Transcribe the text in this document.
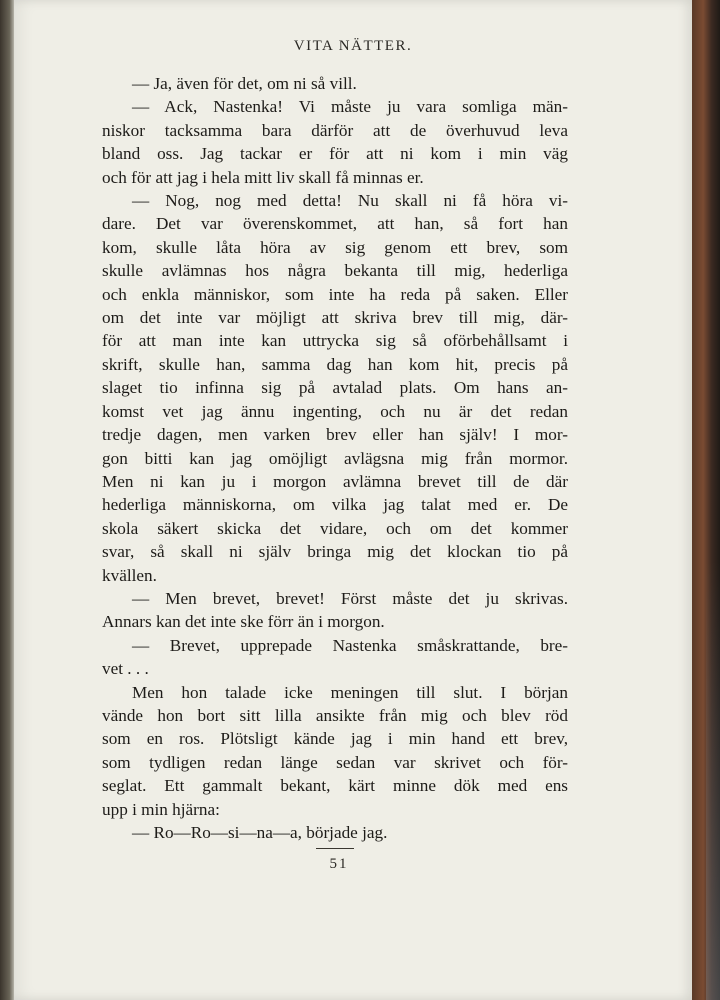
VITA NÄTTER.
— Ja, även för det, om ni så vill.
— Ack, Nastenka! Vi måste ju vara somliga män-
niskor tacksamma bara därför att de överhuvud leva
bland oss. Jag tackar er för att ni kom i min väg
och för att jag i hela mitt liv skall få minnas er.
— Nog, nog med detta! Nu skall ni få höra vi-
dare. Det var överenskommet, att han, så fort han
kom, skulle låta höra av sig genom ett brev, som
skulle avlämnas hos några bekanta till mig, hederliga
och enkla människor, som inte ha reda på saken. Eller
om det inte var möjligt att skriva brev till mig, där-
för att man inte kan uttrycka sig så oförbehållsamt i
skrift, skulle han, samma dag han kom hit, precis på
slaget tio infinna sig på avtalad plats. Om hans an-
komst vet jag ännu ingenting, och nu är det redan
tredje dagen, men varken brev eller han själv! I mor-
gon bitti kan jag omöjligt avlägsna mig från mormor.
Men ni kan ju i morgon avlämna brevet till de där
hederliga människorna, om vilka jag talat med er. De
skola säkert skicka det vidare, och om det kommer
svar, så skall ni själv bringa mig det klockan tio på
kvällen.
— Men brevet, brevet! Först måste det ju skrivas.
Annars kan det inte ske förr än i morgon.
— Brevet, upprepade Nastenka småskrattande, bre-
vet . . .
Men hon talade icke meningen till slut. I början
vände hon bort sitt lilla ansikte från mig och blev röd
som en ros. Plötsligt kände jag i min hand ett brev,
som tydligen redan länge sedan var skrivet och för-
seglat. Ett gammalt bekant, kärt minne dök med ens
upp i min hjärna:
— Ro—Ro—si—na—a, började jag.
51
